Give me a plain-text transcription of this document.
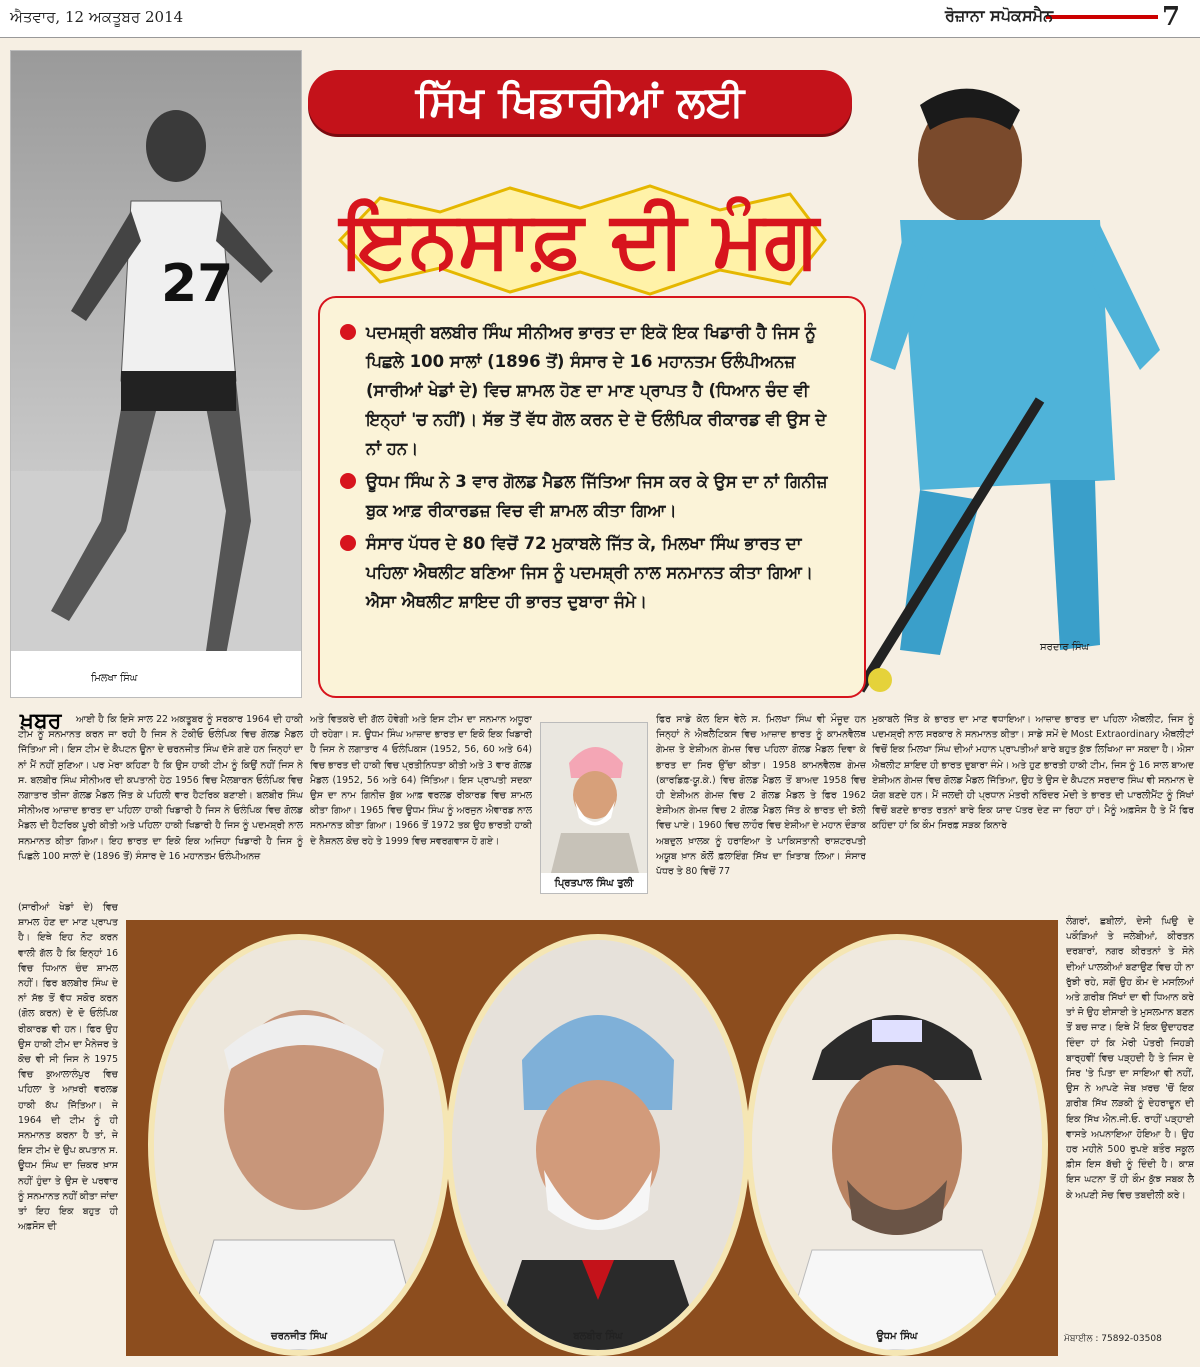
ਐਤਵਾਰ, 12 ਅਕਤੂਬਰ 2014	ਰੋਜ਼ਾਨਾ ਸਪੋਕਸਮੈਨ	7
27
ਮਿਲਖਾ ਸਿੰਘ
ਸਰਦਾਰ ਸਿੰਘ
ਸਿੱਖ ਖਿਡਾਰੀਆਂ ਲਈ
ਇਨਸਾਫ਼ ਦੀ ਮੰਗ
ਪਦਮਸ਼੍ਰੀ ਬਲਬੀਰ ਸਿੰਘ ਸੀਨੀਅਰ ਭਾਰਤ ਦਾ ਇਕੋ ਇਕ ਖਿਡਾਰੀ ਹੈ ਜਿਸ ਨੂੰ ਪਿਛਲੇ 100 ਸਾਲਾਂ (1896 ਤੋਂ) ਸੰਸਾਰ ਦੇ 16 ਮਹਾਨਤਮ ਓਲੰਪੀਅਨਜ਼ (ਸਾਰੀਆਂ ਖੇਡਾਂ ਦੇ) ਵਿਚ ਸ਼ਾਮਲ ਹੋਣ ਦਾ ਮਾਣ ਪ੍ਰਾਪਤ ਹੈ (ਧਿਆਨ ਚੰਦ ਵੀ ਇਨ੍ਹਾਂ 'ਚ ਨਹੀਂ)। ਸੱਭ ਤੋਂ ਵੱਧ ਗੋਲ ਕਰਨ ਦੇ ਦੋ ਓਲੰਪਿਕ ਰੀਕਾਰਡ ਵੀ ਉਸ ਦੇ ਨਾਂ ਹਨ।
ਊਧਮ ਸਿੰਘ ਨੇ 3 ਵਾਰ ਗੋਲਡ ਮੈਡਲ ਜਿੱਤਿਆ ਜਿਸ ਕਰ ਕੇ ਉਸ ਦਾ ਨਾਂ ਗਿਨੀਜ਼ ਬੁਕ ਆਫ਼ ਰੀਕਾਰਡਜ਼ ਵਿਚ ਵੀ ਸ਼ਾਮਲ ਕੀਤਾ ਗਿਆ।
ਸੰਸਾਰ ਪੱਧਰ ਦੇ 80 ਵਿਚੋਂ 72 ਮੁਕਾਬਲੇ ਜਿੱਤ ਕੇ, ਮਿਲਖਾ ਸਿੰਘ ਭਾਰਤ ਦਾ ਪਹਿਲਾ ਐਥਲੀਟ ਬਣਿਆ ਜਿਸ ਨੂੰ ਪਦਮਸ਼੍ਰੀ ਨਾਲ ਸਨਮਾਨਤ ਕੀਤਾ ਗਿਆ। ਐਸਾ ਐਥਲੀਟ ਸ਼ਾਇਦ ਹੀ ਭਾਰਤ ਦੁਬਾਰਾ ਜੰਮੇ।
ਖ਼ਬਰ	ਆਈ ਹੈ ਕਿ ਇਸੇ ਸਾਲ 22 ਅਕਤੂਬਰ ਨੂੰ ਸਰਕਾਰ 1964 ਦੀ ਹਾਕੀ ਟੀਮ ਨੂੰ ਸਨਮਾਨਤ ਕਰਨ ਜਾ ਰਹੀ ਹੈ ਜਿਸ ਨੇ ਟੋਕੀਓ ਓਲੰਪਿਕ ਵਿਚ ਗੋਲਡ ਮੈਡਲ ਜਿੱਤਿਆ ਸੀ। ਇਸ ਟੀਮ ਦੇ ਕੈਪਟਨ ਊਨਾ ਦੇ ਚਰਨਜੀਤ ਸਿੰਘ ਦੱਸੇ ਗਏ ਹਨ ਜਿਨ੍ਹਾਂ ਦਾ ਨਾਂ ਮੈਂ ਨਹੀਂ ਸੁਣਿਆ। ਪਰ ਮੇਰਾ ਕਹਿਣਾ ਹੈ ਕਿ ਉਸ ਹਾਕੀ ਟੀਮ ਨੂੰ ਕਿਉਂ ਨਹੀਂ ਜਿਸ ਨੇ ਸ. ਬਲਬੀਰ ਸਿੰਘ ਸੀਨੀਅਰ ਦੀ ਕਪਤਾਨੀ ਹੇਠ 1956 ਵਿਚ ਮੈਲਬਾਰਨ ਓਲੰਪਿਕ ਵਿਚ ਲਗਾਤਾਰ ਤੀਜਾ ਗੋਲਡ ਮੈਡਲ ਜਿੱਤ ਕੇ ਪਹਿਲੀ ਵਾਰ ਹੈਟਰਿਕ ਬਣਾਈ। ਬਲਬੀਰ ਸਿੰਘ ਸੀਨੀਅਰ ਆਜ਼ਾਦ ਭਾਰਤ ਦਾ ਪਹਿਲਾ ਹਾਕੀ ਖਿਡਾਰੀ ਹੈ ਜਿਸ ਨੇ ਓਲੰਪਿਕ ਵਿਚ ਗੋਲਡ ਮੈਡਲ ਦੀ ਹੈਟਰਿਕ ਪੂਰੀ ਕੀਤੀ ਅਤੇ ਪਹਿਲਾ ਹਾਕੀ ਖਿਡਾਰੀ ਹੈ ਜਿਸ ਨੂੰ ਪਦਮਸ਼੍ਰੀ ਨਾਲ ਸਨਮਾਨਤ ਕੀਤਾ ਗਿਆ। ਇਹ ਭਾਰਤ ਦਾ ਇਕੋ ਇਕ ਅਜਿਹਾ ਖਿਡਾਰੀ ਹੈ ਜਿਸ ਨੂੰ ਪਿਛਲੇ 100 ਸਾਲਾਂ ਦੇ (1896 ਤੋਂ) ਸੰਸਾਰ ਦੇ 16 ਮਹਾਨਤਮ ਓਲੰਪੀਅਨਜ਼
(ਸਾਰੀਆਂ ਖੇਡਾਂ ਦੇ) ਵਿਚ ਸ਼ਾਮਲ ਹੋਣ ਦਾ ਮਾਣ ਪ੍ਰਾਪਤ ਹੈ। ਇਥੇ ਇਹ ਨੋਟ ਕਰਨ ਵਾਲੀ ਗੱਲ ਹੈ ਕਿ ਇਨ੍ਹਾਂ 16 ਵਿਚ ਧਿਆਨ ਚੰਦ ਸ਼ਾਮਲ ਨਹੀਂ। ਫਿਰ ਬਲਬੀਰ ਸਿੰਘ ਦੇ ਨਾਂ ਸੱਭ ਤੋਂ ਵੱਧ ਸਕੋਰ ਕਰਨ (ਗੋਲ ਕਰਨ) ਦੇ ਦੋ ਓਲੰਪਿਕ ਰੀਕਾਰਡ ਵੀ ਹਨ। ਫਿਰ ਉਹ ਉਸ ਹਾਕੀ ਟੀਮ ਦਾ ਮੈਨੇਜਰ ਤੇ ਕੋਚ ਵੀ ਸੀ ਜਿਸ ਨੇ 1975 ਵਿਚ ਕੁਆਲਾਲੰਪੁਰ ਵਿਚ ਪਹਿਲਾ ਤੇ ਆਖ਼ਰੀ ਵਰਲਡ ਹਾਕੀ ਕੱਪ ਜਿੱਤਿਆ। ਜੇ 1964 ਦੀ ਟੀਮ ਨੂੰ ਹੀ ਸਨਮਾਨਤ ਕਰਨਾ ਹੈ ਤਾਂ, ਜੇ ਇਸ ਟੀਮ ਦੇ ਉਪ ਕਪਤਾਨ ਸ. ਊਧਮ ਸਿੰਘ ਦਾ ਜ਼ਿਕਰ ਖ਼ਾਸ ਨਹੀਂ ਹੁੰਦਾ ਤੇ ਉਸ ਦੇ ਪਰਵਾਰ ਨੂੰ ਸਨਮਾਨਤ ਨਹੀਂ ਕੀਤਾ ਜਾਂਦਾ ਤਾਂ ਇਹ ਇਕ ਬਹੁਤ ਹੀ ਅਫ਼ਸੋਸ ਦੀ
ਅਤੇ ਵਿਤਕਰੇ ਦੀ ਗੱਲ ਹੋਵੇਗੀ ਅਤੇ ਇਸ ਟੀਮ ਦਾ ਸਨਮਾਨ ਅਧੂਰਾ ਹੀ ਰਹੇਗਾ। ਸ. ਊਧਮ ਸਿੰਘ ਆਜ਼ਾਦ ਭਾਰਤ ਦਾ ਇਕੋ ਇਕ ਖਿਡਾਰੀ ਹੈ ਜਿਸ ਨੇ ਲਗਾਤਾਰ 4 ਓਲੰਪਿਕਸ (1952, 56, 60 ਅਤੇ 64) ਵਿਚ ਭਾਰਤ ਦੀ ਹਾਕੀ ਵਿਚ ਪ੍ਰਤੀਨਿਧਤਾ ਕੀਤੀ ਅਤੇ 3 ਵਾਰ ਗੋਲਡ ਮੈਡਲ (1952, 56 ਅਤੇ 64) ਜਿੱਤਿਆ। ਇਸ ਪ੍ਰਾਪਤੀ ਸਦਕਾ ਉਸ ਦਾ ਨਾਮ ਗਿਨੀਜ਼ ਬੁੱਕ ਆਫ਼ ਵਰਲਡ ਰੀਕਾਰਡ ਵਿਚ ਸ਼ਾਮਲ ਕੀਤਾ ਗਿਆ। 1965 ਵਿਚ ਊਧਮ ਸਿੰਘ ਨੂੰ ਅਰਜੁਨ ਐਵਾਰਡ ਨਾਲ ਸਨਮਾਨਤ ਕੀਤਾ ਗਿਆ। 1966 ਤੋਂ 1972 ਤਕ ਉਹ ਭਾਰਤੀ ਹਾਕੀ ਦੇ ਨੈਸ਼ਨਲ ਕੋਚ ਰਹੇ ਤੇ 1999 ਵਿਚ ਸਵਰਗਵਾਸ ਹੋ ਗਏ।
ਪ੍ਰਿਤਪਾਲ ਸਿੰਘ ਤੁਲੀ
ਫਿਰ ਸਾਡੇ ਕੋਲ ਇਸ ਵੇਲੇ ਸ. ਮਿਲਖਾ ਸਿੰਘ ਵੀ ਮੌਜੂਦ ਹਨ ਜਿਨ੍ਹਾਂ ਨੇ ਐਥਲੈਟਿਕਸ ਵਿਚ ਆਜ਼ਾਦ ਭਾਰਤ ਨੂੰ ਕਾਮਨਵੈਲਥ ਗੇਮਜ਼ ਤੇ ਏਸ਼ੀਅਨ ਗੇਮਜ਼ ਵਿਚ ਪਹਿਲਾ ਗੋਲਡ ਮੈਡਲ ਦਿਵਾ ਕੇ ਭਾਰਤ ਦਾ ਸਿਰ ਉੱਚਾ ਕੀਤਾ। 1958 ਕਾਮਨਵੈਲਥ ਗੇਮਜ਼ (ਕਾਰਡਿਫ਼-ਯੂ.ਕੇ.) ਵਿਚ ਗੋਲਡ ਮੈਡਲ ਤੋਂ ਬਾਅਦ 1958 ਵਿਚ ਹੀ ਏਸ਼ੀਅਨ ਗੇਮਜ਼ ਵਿਚ 2 ਗੋਲਡ ਮੈਡਲ ਤੇ ਫਿਰ 1962 ਏਸ਼ੀਅਨ ਗੇਮਜ਼ ਵਿਚ 2 ਗੋਲਡ ਮੈਡਲ ਜਿੱਤ ਕੇ ਭਾਰਤ ਦੀ ਝੋਲੀ ਵਿਚ ਪਾਏ। 1960 ਵਿਚ ਲਾਹੌਰ ਵਿਚ ਏਸ਼ੀਆ ਦੇ ਮਹਾਨ ਦੌੜਾਕ ਅਬਦੁਲ ਖ਼ਾਲਕ ਨੂੰ ਹਰਾਇਆ ਤੇ ਪਾਕਿਸਤਾਨੀ ਰਾਸ਼ਟਰਪਤੀ ਅਯੂਬ ਖ਼ਾਨ ਕੋਲੋਂ ਫ਼ਲਾਇੰਗ ਸਿੱਖ ਦਾ ਖ਼ਿਤਾਬ ਲਿਆ। ਸੰਸਾਰ ਪੱਧਰ ਤੇ 80 ਵਿਚੋਂ 77
ਮੁਕਾਬਲੇ ਜਿੱਤ ਕੇ ਭਾਰਤ ਦਾ ਮਾਣ ਵਧਾਇਆ। ਆਜ਼ਾਦ ਭਾਰਤ ਦਾ ਪਹਿਲਾ ਐਥਲੀਟ, ਜਿਸ ਨੂੰ ਪਦਮਸ਼੍ਰੀ ਨਾਲ ਸਰਕਾਰ ਨੇ ਸਨਮਾਨਤ ਕੀਤਾ। ਸਾਡੇ ਸਮੇਂ ਦੇ Most Extraordinary ਐਥਲੀਟਾਂ ਵਿਚੋਂ ਇਕ ਮਿਲਖਾ ਸਿੰਘ ਦੀਆਂ ਮਹਾਨ ਪ੍ਰਾਪਤੀਆਂ ਬਾਰੇ ਬਹੁਤ ਕੁੱਝ ਲਿਖਿਆ ਜਾ ਸਕਦਾ ਹੈ। ਐਸਾ ਐਥਲੀਟ ਸ਼ਾਇਦ ਹੀ ਭਾਰਤ ਦੁਬਾਰਾ ਜੰਮੇ। ਅਤੇ ਹੁਣ ਭਾਰਤੀ ਹਾਕੀ ਟੀਮ, ਜਿਸ ਨੂੰ 16 ਸਾਲ ਬਾਅਦ ਏਸ਼ੀਅਨ ਗੇਮਜ਼ ਵਿਚ ਗੋਲਡ ਮੈਡਲ ਜਿੱਤਿਆ, ਉਹ ਤੇ ਉਸ ਦੇ ਕੈਪਟਨ ਸਰਦਾਰ ਸਿੰਘ ਵੀ ਸਨਮਾਨ ਦੇ ਯੋਗ ਬਣਦੇ ਹਨ। ਮੈਂ ਜਲਦੀ ਹੀ ਪ੍ਰਧਾਨ ਮੰਤਰੀ ਨਰਿੰਦਰ ਮੋਦੀ ਤੇ ਭਾਰਤ ਦੀ ਪਾਰਲੀਮੈਂਟ ਨੂੰ ਸਿੱਖਾਂ ਵਿਚੋਂ ਬਣਦੇ ਭਾਰਤ ਰਤਨਾਂ ਬਾਰੇ ਇਕ ਯਾਦ ਪੱਤਰ ਦੇਣ ਜਾ ਰਿਹਾ ਹਾਂ। ਮੈਨੂੰ ਅਫ਼ਸੋਸ ਹੈ ਤੇ ਮੈਂ ਫਿਰ ਕਹਿੰਦਾ ਹਾਂ ਕਿ ਕੌਮ ਸਿਰਫ਼ ਸੜਕ ਕਿਨਾਰੇ
ਲੰਗਰਾਂ, ਛਬੀਲਾਂ, ਦੇਸੀ ਘਿਉ ਦੇ ਪਕੌੜਿਆਂ ਤੇ ਜਲੇਬੀਆਂ, ਕੀਰਤਨ ਦਰਬਾਰਾਂ, ਨਗਰ ਕੀਰਤਨਾਂ ਤੇ ਸੋਨੇ ਦੀਆਂ ਪਾਲਕੀਆਂ ਬਣਾਉਣ ਵਿਚ ਹੀ ਨਾ ਰੁੱਝੀ ਰਹੇ, ਸਗੋਂ ਉਹ ਕੌਮ ਦੇ ਮਸਲਿਆਂ ਅਤੇ ਗ਼ਰੀਬ ਸਿੱਖਾਂ ਦਾ ਵੀ ਧਿਆਨ ਕਰੇ ਤਾਂ ਜੋ ਉਹ ਈਸਾਈ ਤੇ ਮੁਸਲਮਾਨ ਬਣਨ ਤੋਂ ਬਚ ਜਾਣ। ਇਥੇ ਮੈਂ ਇਕ ਉਦਾਹਰਣ ਦਿੰਦਾ ਹਾਂ ਕਿ ਮੇਰੀ ਪੋਤਰੀ ਜਿਹੜੀ ਬਾਰ੍ਹਵੀਂ ਵਿਚ ਪੜ੍ਹਦੀ ਹੈ ਤੇ ਜਿਸ ਦੇ ਸਿਰ 'ਤੇ ਪਿਤਾ ਦਾ ਸਾਇਆ ਵੀ ਨਹੀਂ, ਉਸ ਨੇ ਆਪਣੇ ਜੇਬ ਖ਼ਰਚ 'ਚੋਂ ਇਕ ਗ਼ਰੀਬ ਸਿੱਖ ਲੜਕੀ ਨੂੰ ਦੇਹਰਾਦੂਨ ਦੀ ਇਕ ਸਿੱਖ ਐਨ.ਜੀ.ਓ. ਰਾਹੀਂ ਪੜ੍ਹਾਈ ਵਾਸਤੇ ਅਪਨਾਇਆ ਹੋਇਆ ਹੈ। ਉਹ ਹਰ ਮਹੀਨੇ 500 ਰੁਪਏ ਬਤੌਰ ਸਕੂਲ ਫ਼ੀਸ ਇਸ ਬੱਚੀ ਨੂੰ ਦਿੰਦੀ ਹੈ। ਕਾਸ਼ ਇਸ ਘਟਨਾ ਤੋਂ ਹੀ ਕੌਮ ਕੁੱਝ ਸਬਕ ਲੈ ਕੇ ਅਪਣੀ ਸੋਚ ਵਿਚ ਤਬਦੀਲੀ ਕਰੇ।
ਮੋਬਾਈਲ : 75892-03508
ਚਰਨਜੀਤ ਸਿੰਘ	ਬਲਬੀਰ ਸਿੰਘ	ਊਧਮ ਸਿੰਘ
